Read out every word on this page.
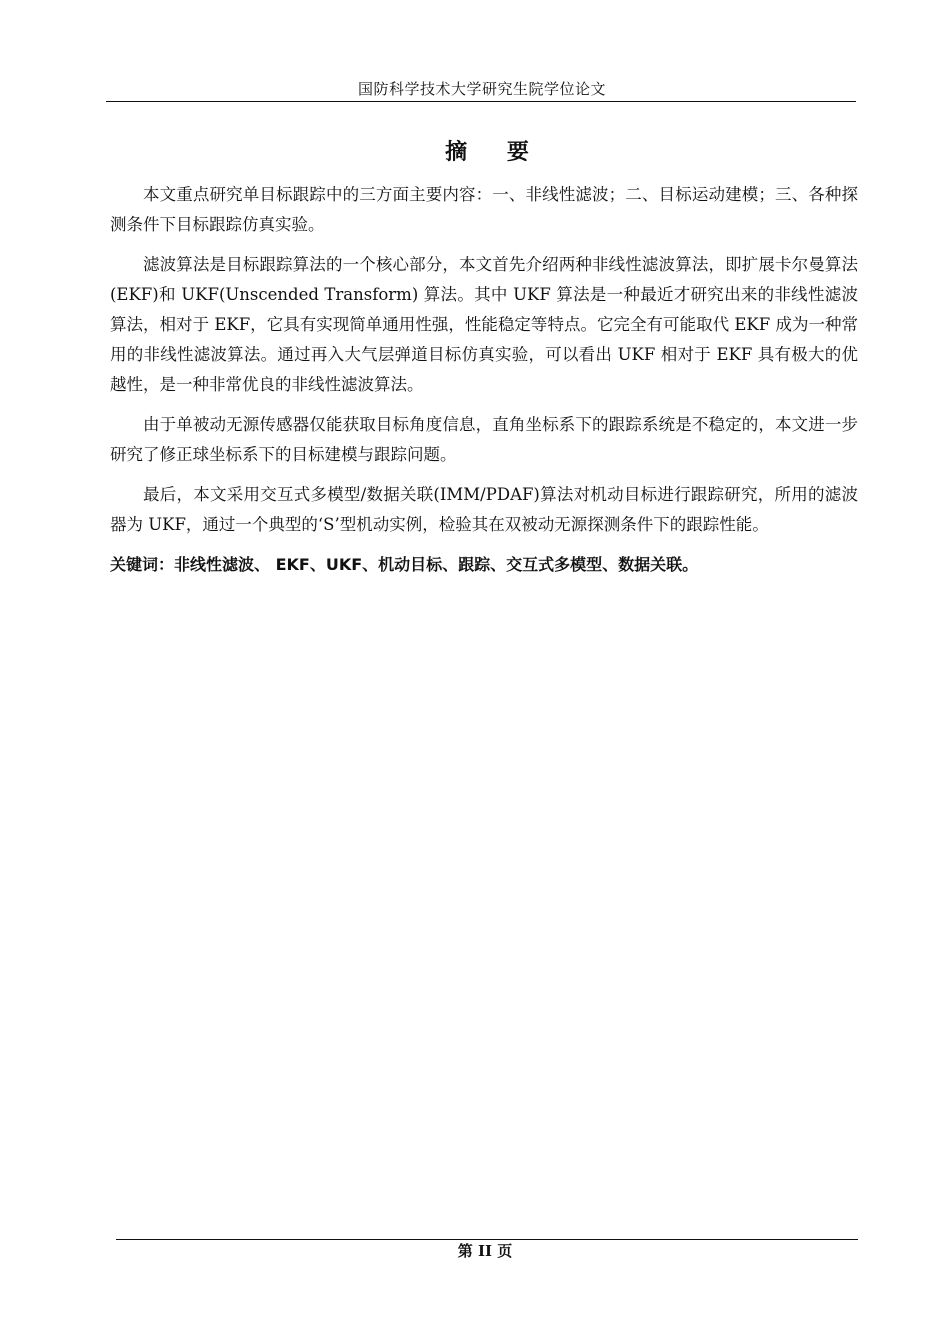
国防科学技术大学研究生院学位论文
摘 要

本文重点研究单目标跟踪中的三方面主要内容：一、非线性滤波；二、目标运动建模；三、各种探测条件下目标跟踪仿真实验。

滤波算法是目标跟踪算法的一个核心部分，本文首先介绍两种非线性滤波算法，即扩展卡尔曼算法(EKF)和 UKF(Unscended Transform) 算法。其中 UKF 算法是一种最近才研究出来的非线性滤波算法，相对于 EKF，它具有实现简单通用性强，性能稳定等特点。它完全有可能取代 EKF 成为一种常用的非线性滤波算法。通过再入大气层弹道目标仿真实验，可以看出 UKF 相对于 EKF 具有极大的优越性，是一种非常优良的非线性滤波算法。

由于单被动无源传感器仅能获取目标角度信息，直角坐标系下的跟踪系统是不稳定的，本文进一步研究了修正球坐标系下的目标建模与跟踪问题。

最后，本文采用交互式多模型/数据关联(IMM/PDAF)算法对机动目标进行跟踪研究，所用的滤波器为 UKF，通过一个典型的‘S’型机动实例，检验其在双被动无源探测条件下的跟踪性能。

关键词：非线性滤波、 EKF、UKF、机动目标、跟踪、交互式多模型、数据关联。
第 II 页
